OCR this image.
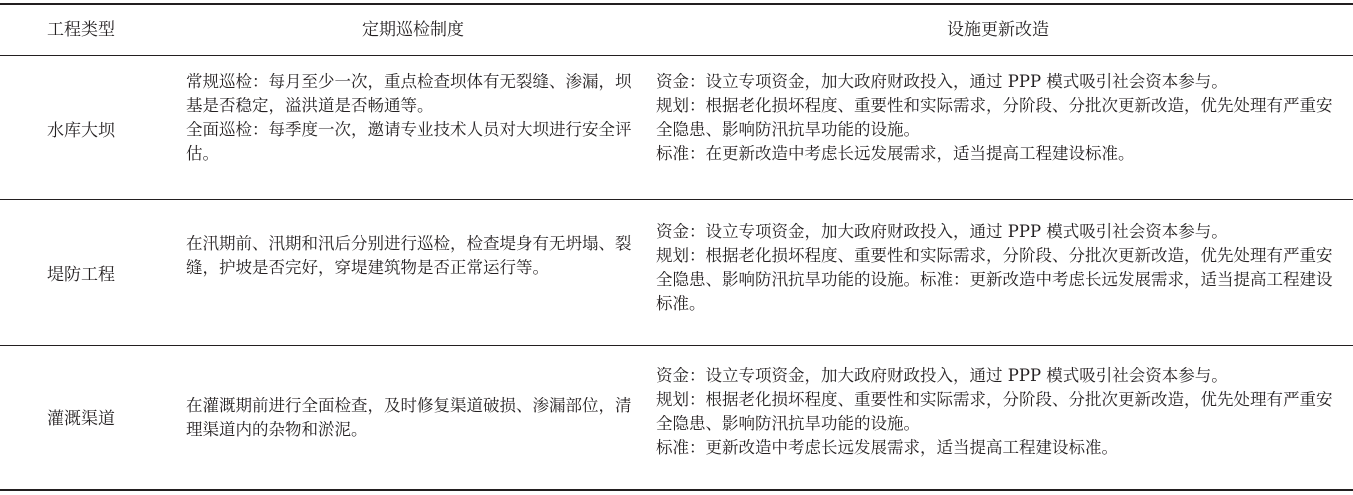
工程类型	定期巡检制度	设施更新改造
水库大坝
常规巡检：每月至少一次，重点检查坝体有无裂缝、渗漏，坝基是否稳定，溢洪道是否畅通等。
全面巡检：每季度一次，邀请专业技术人员对大坝进行安全评估。
资金：设立专项资金，加大政府财政投入，通过 PPP 模式吸引社会资本参与。
规划：根据老化损坏程度、重要性和实际需求，分阶段、分批次更新改造，优先处理有严重安全隐患、影响防汛抗旱功能的设施。
标准：在更新改造中考虑长远发展需求，适当提高工程建设标准。
堤防工程
在汛期前、汛期和汛后分别进行巡检，检查堤身有无坍塌、裂缝，护坡是否完好，穿堤建筑物是否正常运行等。
资金：设立专项资金，加大政府财政投入，通过 PPP 模式吸引社会资本参与。
规划：根据老化损坏程度、重要性和实际需求，分阶段、分批次更新改造，优先处理有严重安全隐患、影响防汛抗旱功能的设施。标准：更新改造中考虑长远发展需求，适当提高工程建设标准。
灌溉渠道
在灌溉期前进行全面检查，及时修复渠道破损、渗漏部位，清理渠道内的杂物和淤泥。
资金：设立专项资金，加大政府财政投入，通过 PPP 模式吸引社会资本参与。
规划：根据老化损坏程度、重要性和实际需求，分阶段、分批次更新改造，优先处理有严重安全隐患、影响防汛抗旱功能的设施。
标准：更新改造中考虑长远发展需求，适当提高工程建设标准。
